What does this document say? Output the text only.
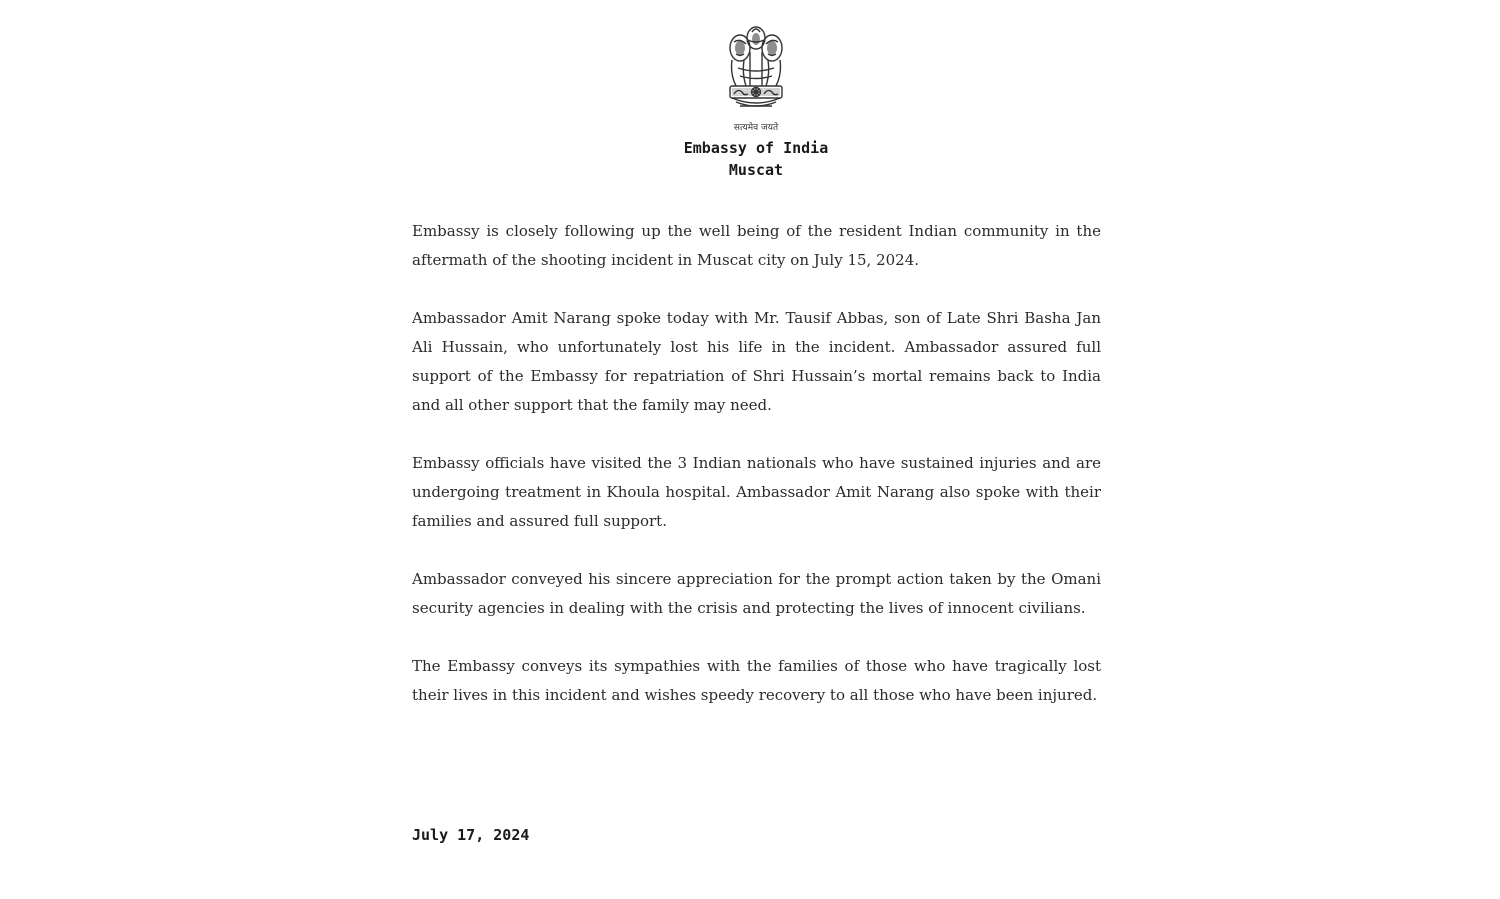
सत्यमेव जयते
Embassy of India
Muscat

Embassy is closely following up the well being of the resident Indian community in the aftermath of the shooting incident in Muscat city on July 15, 2024.

Ambassador Amit Narang spoke today with Mr. Tausif Abbas, son of Late Shri Basha Jan Ali Hussain, who unfortunately lost his life in the incident. Ambassador assured full support of the Embassy for repatriation of Shri Hussain’s mortal remains back to India and all other support that the family may need.

Embassy officials have visited the 3 Indian nationals who have sustained injuries and are undergoing treatment in Khoula hospital. Ambassador Amit Narang also spoke with their families and assured full support.

Ambassador conveyed his sincere appreciation for the prompt action taken by the Omani security agencies in dealing with the crisis and protecting the lives of innocent civilians.

The Embassy conveys its sympathies with the families of those who have tragically lost their lives in this incident and wishes speedy recovery to all those who have been injured.

July 17, 2024
